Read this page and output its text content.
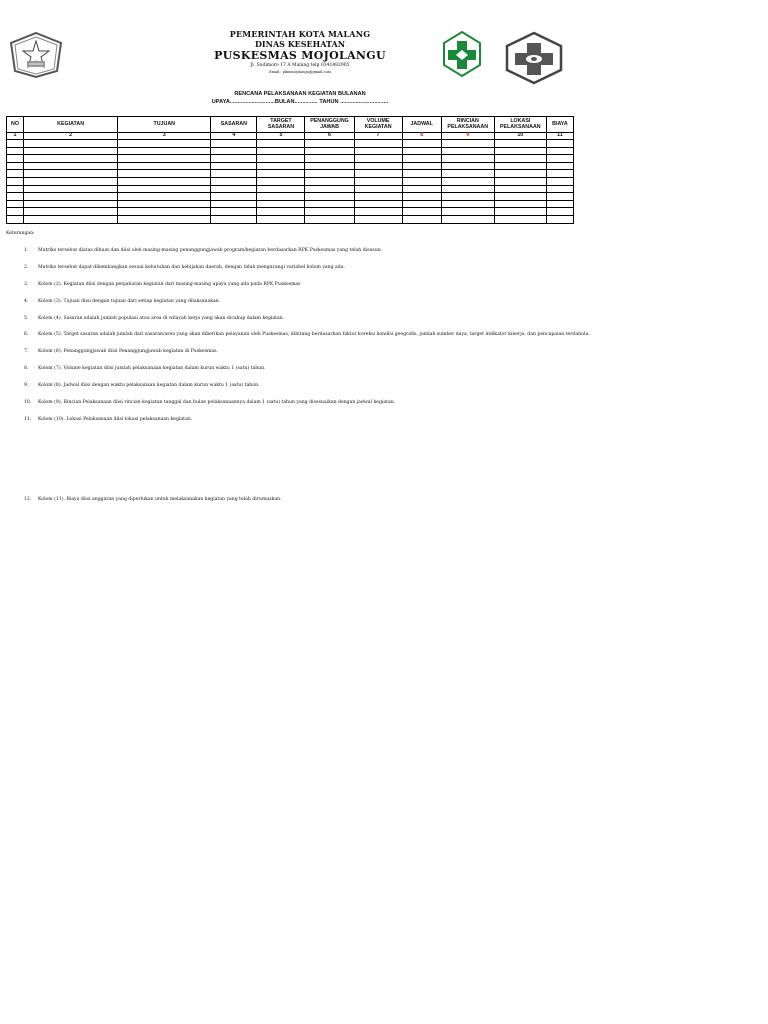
PEMERINTAH KOTA MALANG
DINAS KESEHATAN
PUSKESMAS MOJOLANGU
Jl. Sudimoro 17 A Malang telp 0341482905
Email : pkmmojolangu@gmail.com
RENCANA PELAKSANAAN KEGIATAN BULANAN
UPAYA.............................BULAN............... TAHUN ...............................
NO	KEGIATAN	TUJUAN	SASARAN	TARGET SASARAN	PENANGGUNG JAWAB	VOLUME KEGIATAN	JADWAL	RINCIAN PELAKSANAAN	LOKASI PELAKSANAAN	BIAYA
1	2	3	4	5	6	7	8	9	10	11

Keterangan:
1. Matriks tersebut diatas dibuat dan diisi oleh masing-masing penanggungjawab program/kegiatan berdasarkan RPK Puskesmas yang telah disusun.
2. Matriks tersebut dapat dikembangkan sesuai kebutuhan dan kebijakan daerah, dengan tidak mengurangi variabel kolom yang ada.
3. Kolom (2). Kegiatan diisi dengan penjabaran kegiatan dari masing-masing upaya yang ada pada RPK Puskesmas
4. Kolom (3). Tujuan diisi dengan tujuan dari setiap kegiatan yang dilaksanakan.
5. Kolom (4). Sasaran adalah jumlah populasi atau area di wilayah kerja yang akan dicakup dalam kegiatan.
6. Kolom (5). Target sasaran adalah jumlah dari sasaran/area yang akan diberikan pelayanan oleh Puskesmas, dihitung berdasarkan faktor koreksi kondisi geografis, jumlah sumber daya, target indikator kinerja, dan pencapaian terdahulu.
7. Kolom (6). Penanggungjawab diisi Penanggungjawab kegiatan di Puskesmas.
8. Kolom (7). Volume kegiatan diisi jumlah pelaksanaan kegiatan dalam kurun waktu 1 (satu) tahun.
9. Kolom (8). Jadwal diisi dengan waktu pelaksanaan kegiatan dalam kurun waktu 1 (satu) tahun.
10. Kolom (9). Rincian Pelaksanaan diisi rincian kegiatan tanggal dan bulan pelaksanaannya dalam 1 (satu) tahun yang disesuaikan dengan jadwal kegiatan.
11. Kolom (10). Lokasi Pelaksanaan diisi lokasi pelaksanaan kegiatan.
12. Kolom (11). Biaya diisi anggaran yang diperlukan untuk melaksanakan kegiatan yang telah dirumuskan.
